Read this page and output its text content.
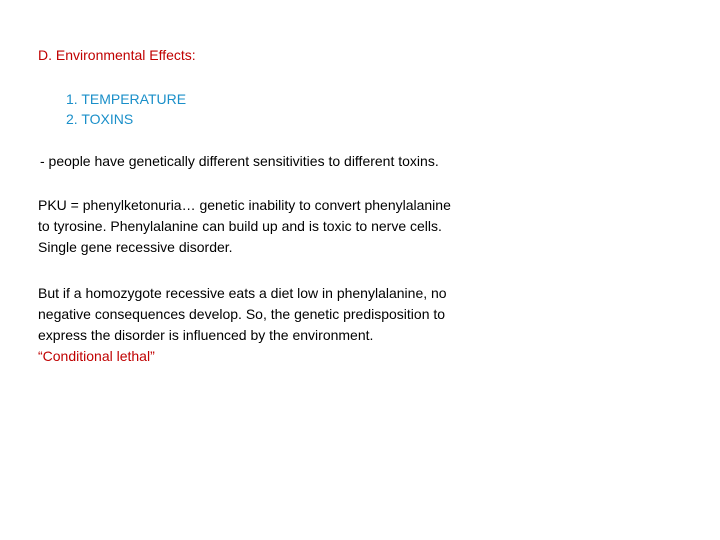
D. Environmental Effects:
1. TEMPERATURE
2. TOXINS
- people have genetically different sensitivities to different toxins.
PKU = phenylketonuria… genetic inability to convert phenylalanine
to tyrosine. Phenylalanine can build up and is toxic to nerve cells.
Single gene recessive disorder.
But if a homozygote recessive eats a diet low in phenylalanine, no
negative consequences develop. So, the genetic predisposition to
express the disorder is influenced by the environment.
“Conditional lethal”
